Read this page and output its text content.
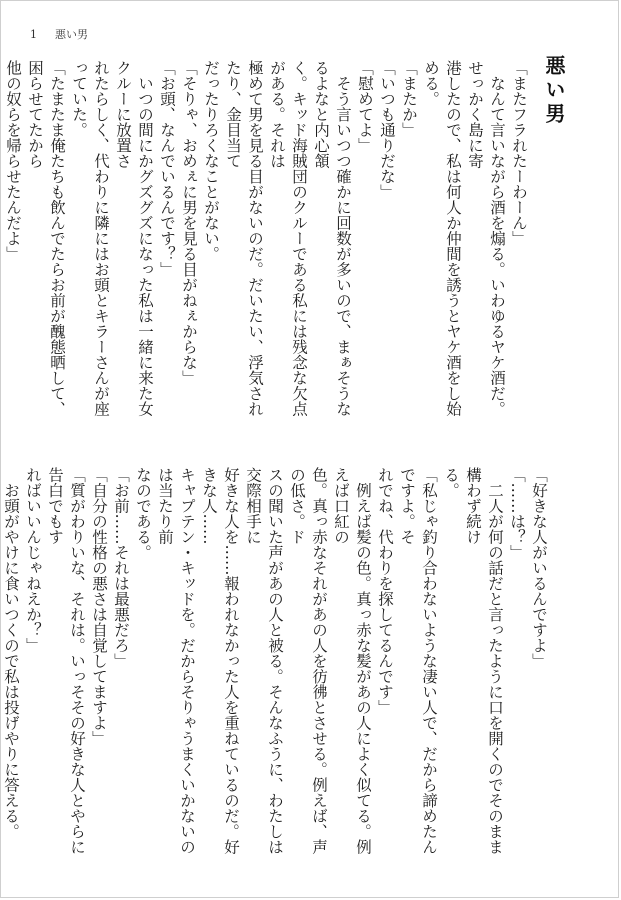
1 悪い男
悪い男
「またフラれたーわーん」
　なんて言いながら酒を煽る。いわゆるヤケ酒だ。せっかく島に寄
港したので、私は何人か仲間を誘うとヤケ酒をし始める。
「またか」
「いつも通りだな」
「慰めてよ」
　そう言いつつ確かに回数が多いので、まぁそうなるよなと内心頷
く。キッド海賊団のクルーである私には残念な欠点がある。それは
極めて男を見る目がないのだ。だいたい、浮気されたり、金目当て
だったりろくなことがない。
「そりゃ、おめぇに男を見る目がねぇからな」
「お頭、なんでいるんです？」
　いつの間にかグズグズになった私は一緒に来た女クルーに放置さ
れたらしく、代わりに隣にはお頭とキラーさんが座っていた。
「たまたま俺たちも飲んでたらお前が醜態晒して、困らせてたから
他の奴らを帰らせたんだよ」
「好きな人がいるんですよ」
「……は？」
　二人が何の話だと言ったように口を開くのでそのまま構わず続け
る。
「私じゃ釣り合わないような凄い人で、だから諦めたんですよ。そ
れでね、代わりを探してるんです」
　例えば髪の色。真っ赤な髪があの人によく似てる。例えば口紅の
色。真っ赤なそれがあの人を彷彿とさせる。例えば、声の低さ。ド
スの聞いた声があの人と被る。そんなふうに、わたしは交際相手に
好きな人を……報われなかった人を重ねているのだ。好きな人……
キャプテン・キッドを。だからそりゃうまくいかないのは当たり前
なのである。
「お前……それは最悪だろ」
「自分の性格の悪さは自覚してますよ」
「質がわりいな、それは。いっそその好きな人とやらに告白でもす
ればいいんじゃねえか？」
　お頭がやけに食いつくので私は投げやりに答える。
